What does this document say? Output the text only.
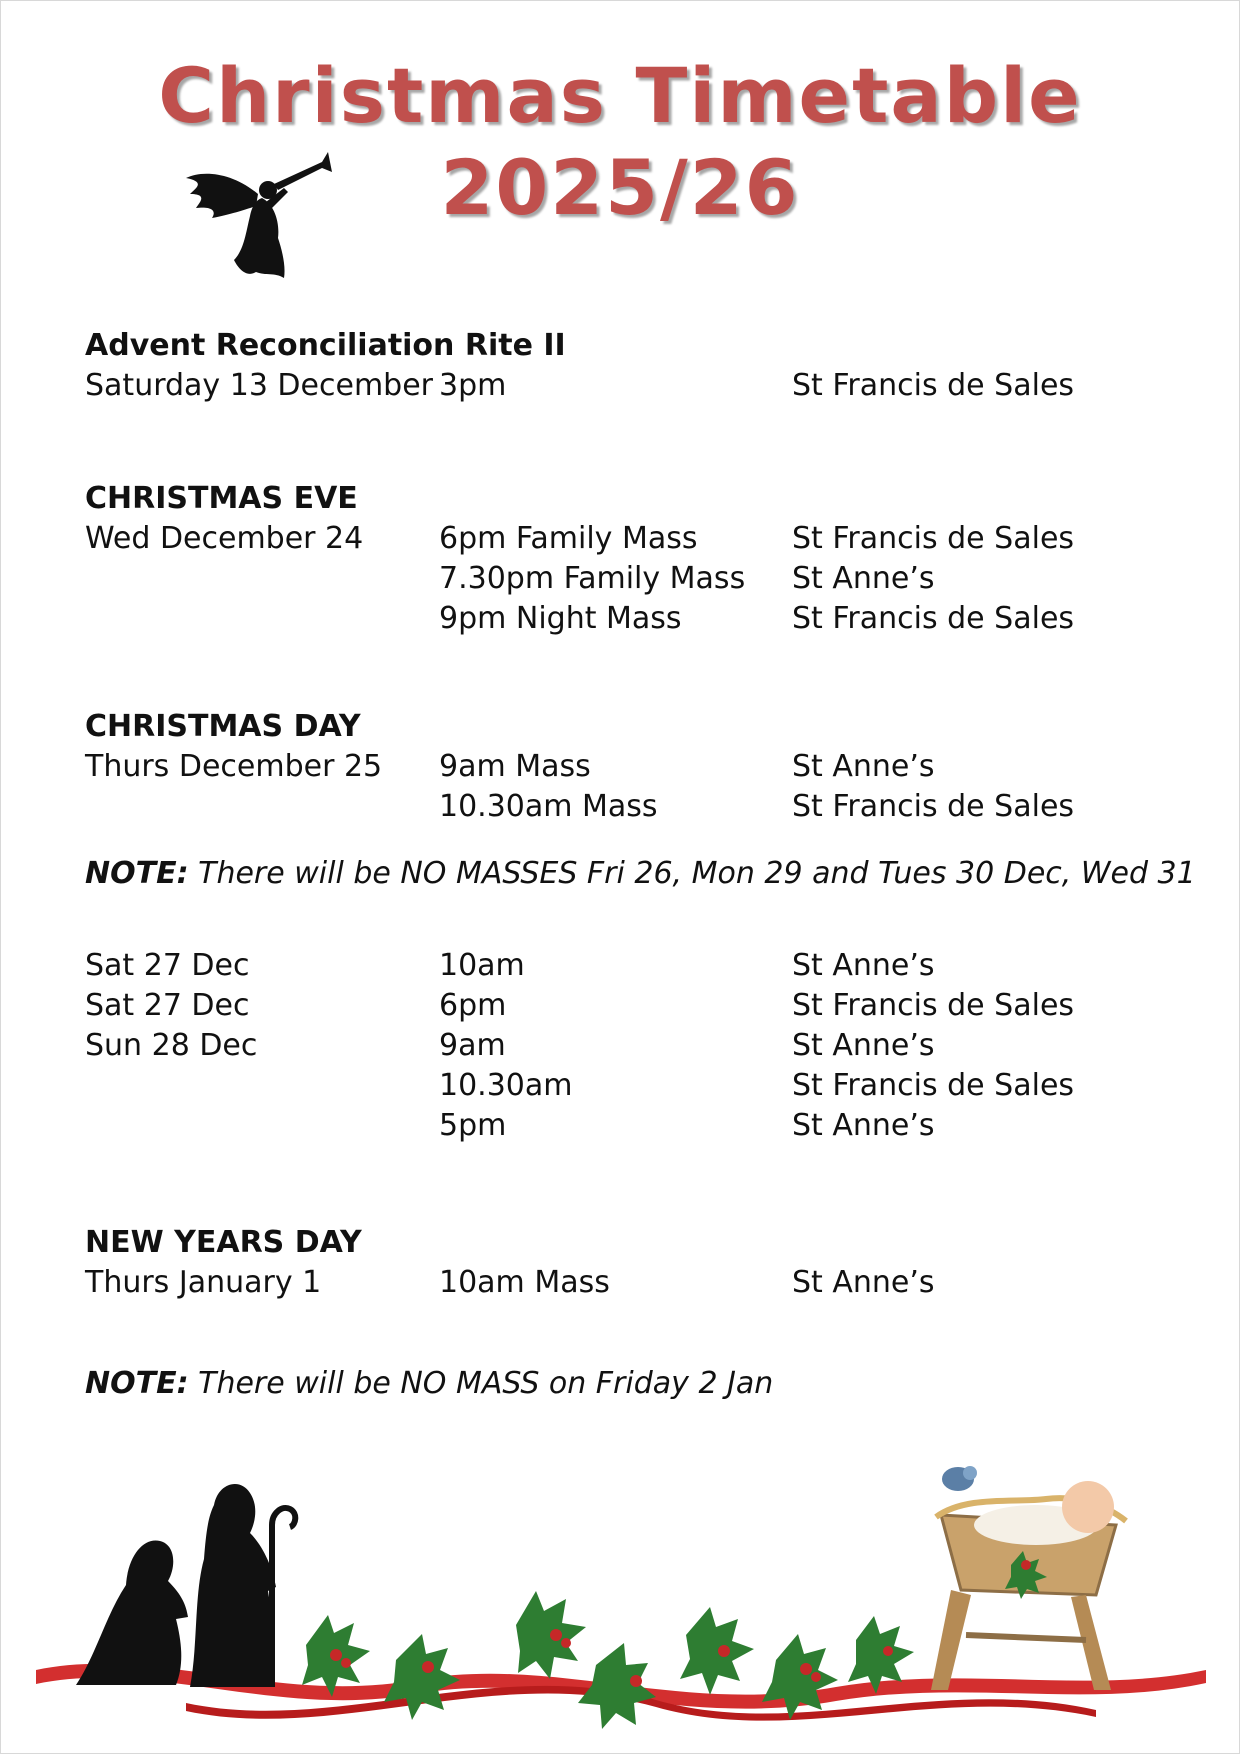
Christmas Timetable
2025/26

Advent Reconciliation Rite II

Saturday 13 December 3pm	St Francis de Sales

CHRISTMAS EVE

Wed December 24	6pm Family Mass	St Francis de Sales
7.30pm Family Mass St Anne’s
9pm Night Mass	St Francis de Sales

CHRISTMAS DAY

Thurs December 25 9am Mass	St Anne’s
10.30am Mass	St Francis de Sales
NOTE: There will be NO MASSES Fri 26, Mon 29 and Tues 30 Dec, Wed 31
Sat 27 Dec	10am	St Anne’s
Sat 27 Dec	6pm	St Francis de Sales
Sun 28 Dec	9am	St Anne’s
10.30am	St Francis de Sales
5pm	St Anne’s

NEW YEARS DAY

Thurs January 1	10am Mass	St Anne’s
NOTE: There will be NO MASS on Friday 2 Jan
